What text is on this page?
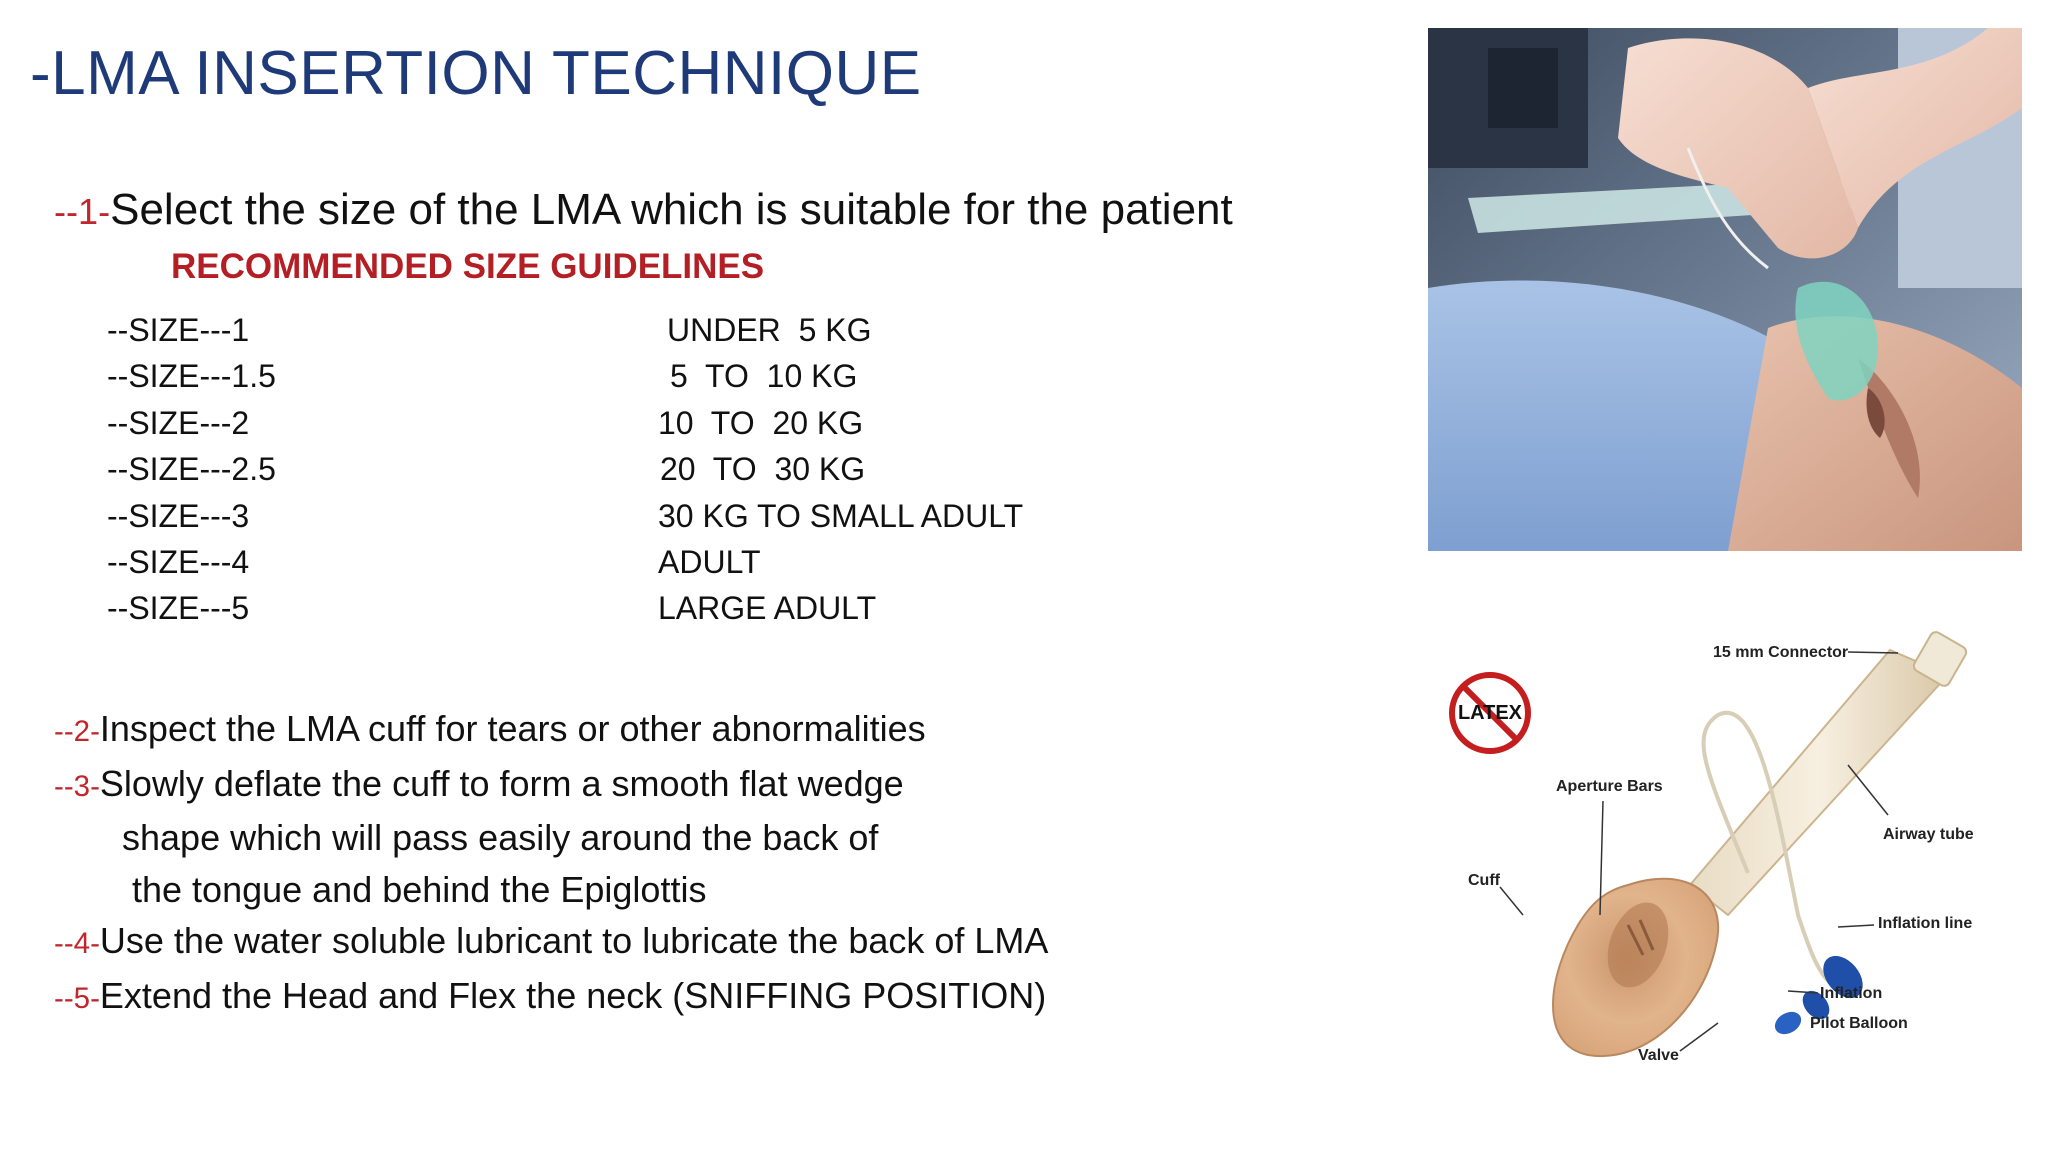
-LMA INSERTION TECHNIQUE
--1-Select the size of the LMA which is suitable for the patient
RECOMMENDED SIZE GUIDELINES
--SIZE---1	UNDER  5 KG
--SIZE---1.5	5  TO  10 KG
--SIZE---2	10  TO  20 KG
--SIZE---2.5	20  TO  30 KG
--SIZE---3	30 KG TO SMALL ADULT
--SIZE---4	ADULT
--SIZE---5	LARGE ADULT
--2-Inspect the LMA cuff for tears or other abnormalities
--3-Slowly deflate the cuff to form a smooth flat wedge
shape which will pass easily around the back of
the tongue and behind the Epiglottis
--4-Use the water soluble lubricant to lubricate the back of LMA
--5-Extend the Head and Flex the neck (SNIFFING POSITION)
LATEX
15 mm Connector
Aperture Bars
Airway tube
Cuff
Inflation line
Inflation
Pilot Balloon
Valve
